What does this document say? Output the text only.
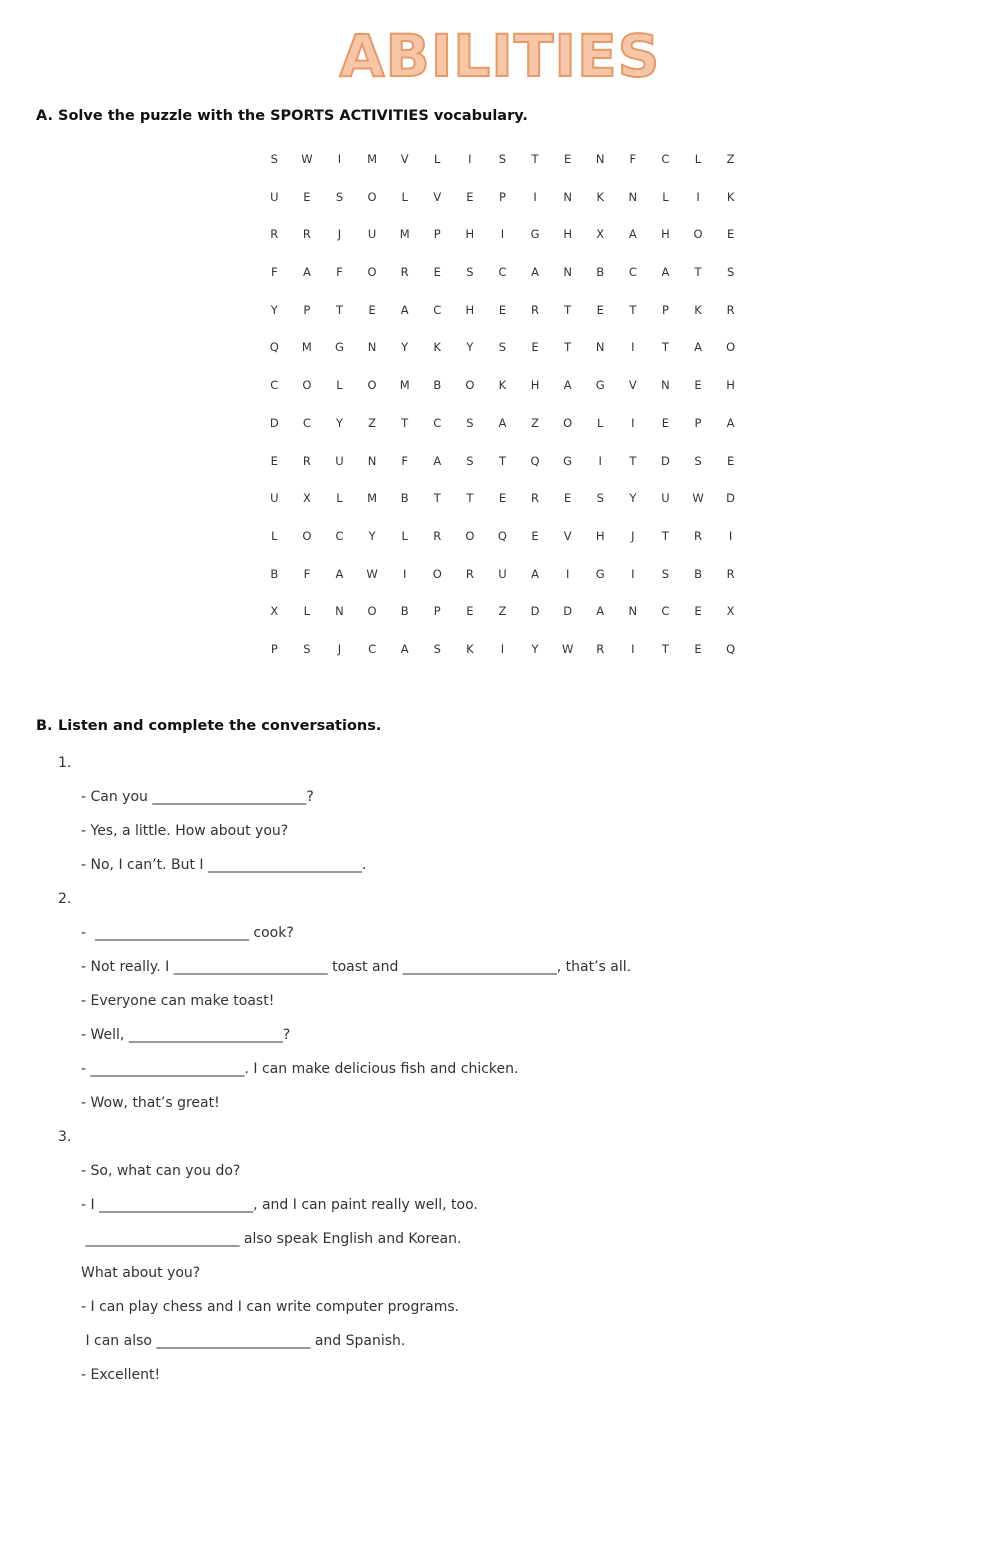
ABILITIES
A. Solve the puzzle with the SPORTS ACTIVITIES vocabulary.
S	W	I	M	V	L	I	S	T	E	N	F	C	L	Z
U	E	S	O	L	V	E	P	I	N	K	N	L	I	K
R	R	J	U	M	P	H	I	G	H	X	A	H	O	E
F	A	F	O	R	E	S	C	A	N	B	C	A	T	S
Y	P	T	E	A	C	H	E	R	T	E	T	P	K	R
Q	M	G	N	Y	K	Y	S	E	T	N	I	T	A	O
C	O	L	O	M	B	O	K	H	A	G	V	N	E	H
D	C	Y	Z	T	C	S	A	Z	O	L	I	E	P	A
E	R	U	N	F	A	S	T	Q	G	I	T	D	S	E
U	X	L	M	B	T	T	E	R	E	S	Y	U	W	D
L	O	C	Y	L	R	O	Q	E	V	H	J	T	R	I
B	F	A	W	I	O	R	U	A	I	G	I	S	B	R
X	L	N	O	B	P	E	Z	D	D	A	N	C	E	X
P	S	J	C	A	S	K	I	Y	W	R	I	T	E	Q
B. Listen and complete the conversations.
1.
- Can you ______________________?
- Yes, a little. How about you?
- No, I can’t. But I ______________________.
2.
-  ______________________ cook?
- Not really. I ______________________ toast and ______________________, that’s all.
- Everyone can make toast!
- Well, ______________________?
- ______________________. I can make delicious fish and chicken.
- Wow, that’s great!
3.
- So, what can you do?
- I ______________________, and I can paint really well, too.
______________________ also speak English and Korean.
What about you?
- I can play chess and I can write computer programs.
I can also ______________________ and Spanish.
- Excellent!
